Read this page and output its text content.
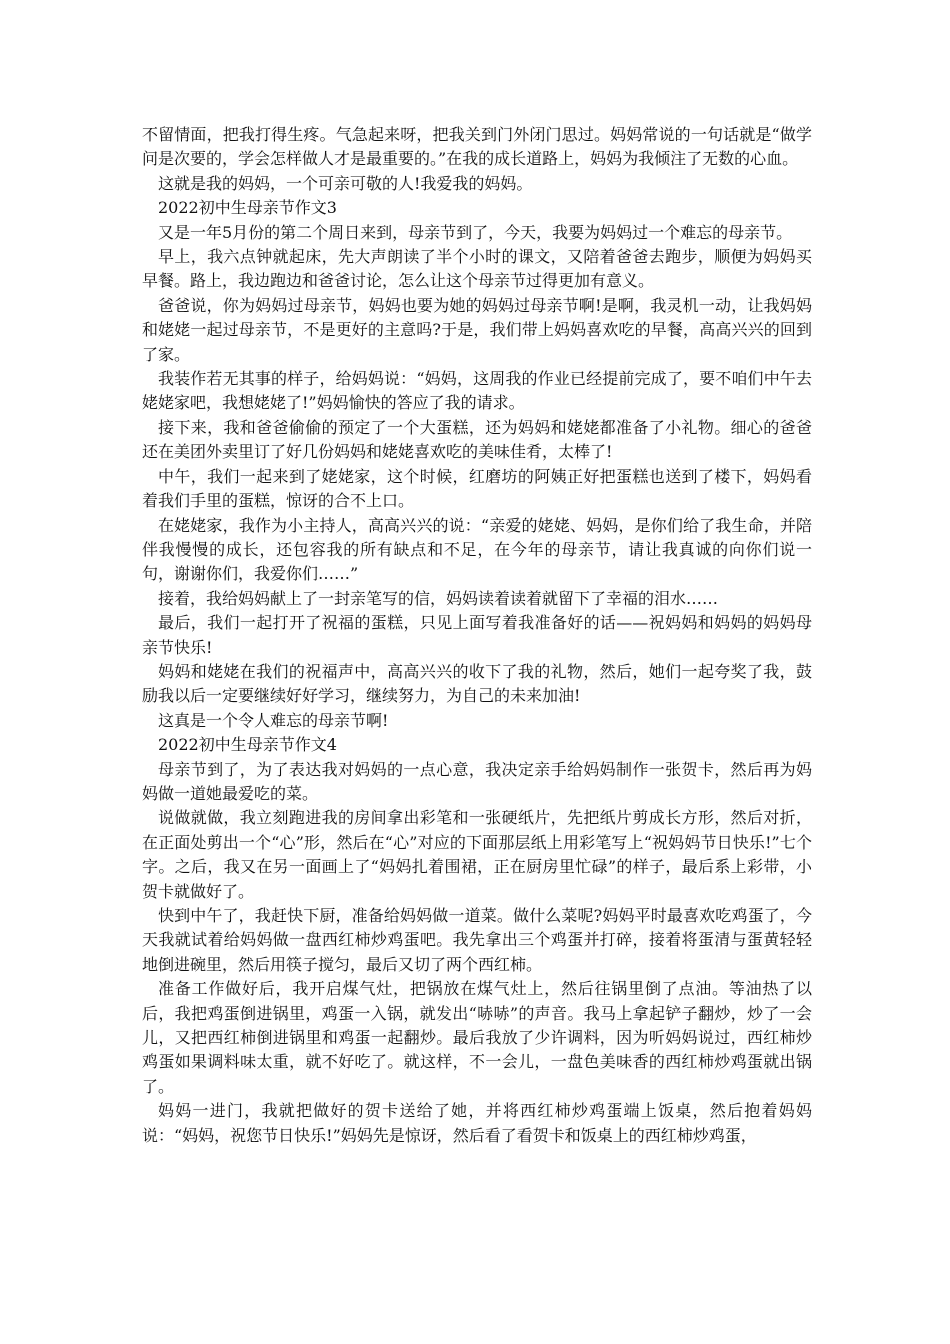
不留情面，把我打得生疼。气急起来呀，把我关到门外闭门思过。妈妈常说的一句话就是“做学问是次要的，学会怎样做人才是最重要的。”在我的成长道路上，妈妈为我倾注了无数的心血。

这就是我的妈妈，一个可亲可敬的人!我爱我的妈妈。

2022初中生母亲节作文3

又是一年5月份的第二个周日来到，母亲节到了，今天，我要为妈妈过一个难忘的母亲节。

早上，我六点钟就起床，先大声朗读了半个小时的课文，又陪着爸爸去跑步，顺便为妈妈买早餐。路上，我边跑边和爸爸讨论，怎么让这个母亲节过得更加有意义。

爸爸说，你为妈妈过母亲节，妈妈也要为她的妈妈过母亲节啊!是啊，我灵机一动，让我妈妈和姥姥一起过母亲节，不是更好的主意吗?于是，我们带上妈妈喜欢吃的早餐，高高兴兴的回到了家。

我装作若无其事的样子，给妈妈说：“妈妈，这周我的作业已经提前完成了，要不咱们中午去姥姥家吧，我想姥姥了!”妈妈愉快的答应了我的请求。

接下来，我和爸爸偷偷的预定了一个大蛋糕，还为妈妈和姥姥都准备了小礼物。细心的爸爸还在美团外卖里订了好几份妈妈和姥姥喜欢吃的美味佳肴，太棒了!

中午，我们一起来到了姥姥家，这个时候，红磨坊的阿姨正好把蛋糕也送到了楼下，妈妈看着我们手里的蛋糕，惊讶的合不上口。

在姥姥家，我作为小主持人，高高兴兴的说：“亲爱的姥姥、妈妈，是你们给了我生命，并陪伴我慢慢的成长，还包容我的所有缺点和不足，在今年的母亲节，请让我真诚的向你们说一句，谢谢你们，我爱你们……”

接着，我给妈妈献上了一封亲笔写的信，妈妈读着读着就留下了幸福的泪水……

最后，我们一起打开了祝福的蛋糕，只见上面写着我准备好的话——祝妈妈和妈妈的妈妈母亲节快乐!

妈妈和姥姥在我们的祝福声中，高高兴兴的收下了我的礼物，然后，她们一起夸奖了我，鼓励我以后一定要继续好好学习，继续努力，为自己的未来加油!

这真是一个令人难忘的母亲节啊!

2022初中生母亲节作文4

母亲节到了，为了表达我对妈妈的一点心意，我决定亲手给妈妈制作一张贺卡，然后再为妈妈做一道她最爱吃的菜。

说做就做，我立刻跑进我的房间拿出彩笔和一张硬纸片，先把纸片剪成长方形，然后对折，在正面处剪出一个“心”形，然后在“心”对应的下面那层纸上用彩笔写上“祝妈妈节日快乐!”七个字。之后，我又在另一面画上了“妈妈扎着围裙，正在厨房里忙碌”的样子，最后系上彩带，小贺卡就做好了。

快到中午了，我赶快下厨，准备给妈妈做一道菜。做什么菜呢?妈妈平时最喜欢吃鸡蛋了，今天我就试着给妈妈做一盘西红柿炒鸡蛋吧。我先拿出三个鸡蛋并打碎，接着将蛋清与蛋黄轻轻地倒进碗里，然后用筷子搅匀，最后又切了两个西红柿。

准备工作做好后，我开启煤气灶，把锅放在煤气灶上，然后往锅里倒了点油。等油热了以后，我把鸡蛋倒进锅里，鸡蛋一入锅，就发出“哧哧”的声音。我马上拿起铲子翻炒，炒了一会儿，又把西红柿倒进锅里和鸡蛋一起翻炒。最后我放了少许调料，因为听妈妈说过，西红柿炒鸡蛋如果调料味太重，就不好吃了。就这样，不一会儿，一盘色美味香的西红柿炒鸡蛋就出锅了。

妈妈一进门，我就把做好的贺卡送给了她，并将西红柿炒鸡蛋端上饭桌，然后抱着妈妈说：“妈妈，祝您节日快乐!”妈妈先是惊讶，然后看了看贺卡和饭桌上的西红柿炒鸡蛋，
